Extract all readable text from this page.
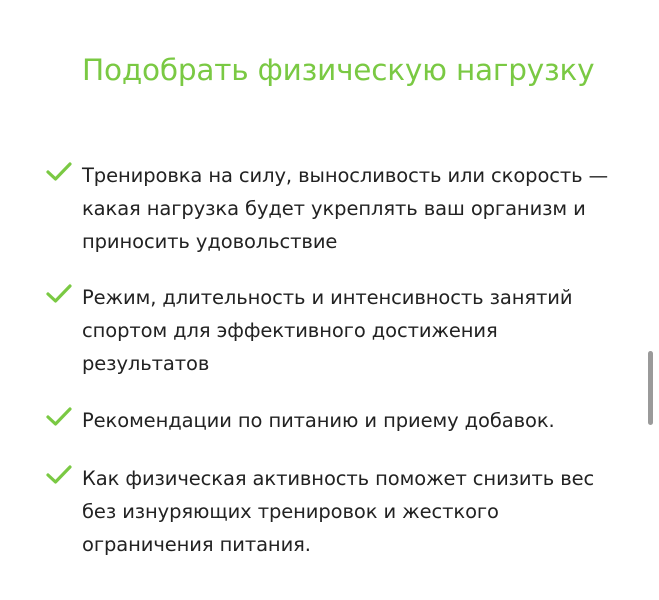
Подобрать физическую нагрузку
Тренировка на силу, выносливость или скорость — какая нагрузка будет укреплять ваш организм и приносить удовольствие
Режим, длительность и интенсивность занятий спортом для эффективного достижения результатов
Рекомендации по питанию и приему добавок.
Как физическая активность поможет снизить вес без изнуряющих тренировок и жесткого ограничения питания.
